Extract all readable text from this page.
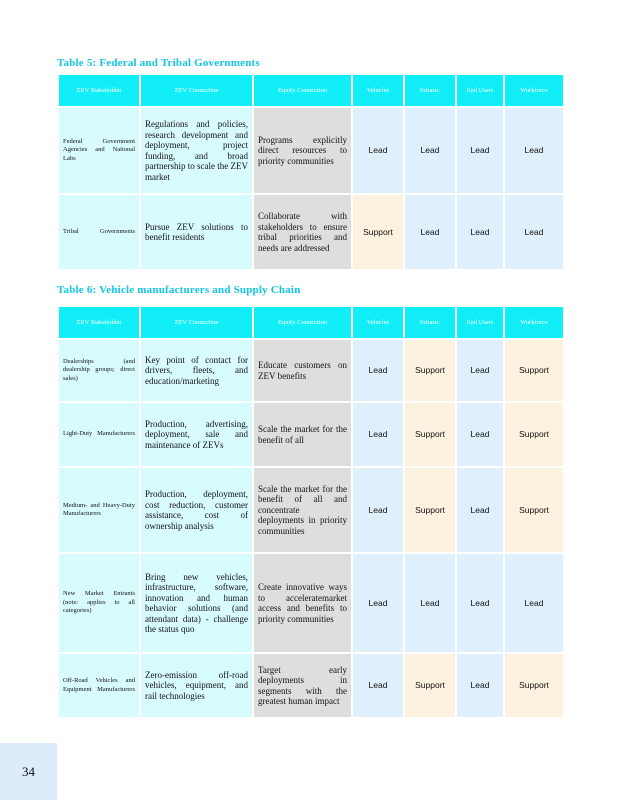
Table 5: Federal and Tribal Governments
ZEV Stakeholder	ZEV Connection	Equity Connection	Vehicles	Infrastr.	End Users	Workforce
Federal Government Agencies and National Labs	Regulations and policies, research development and deployment, project funding, and broad partnership to scale the ZEV market	Programs explicitly direct resources to priority communities	Lead	Lead	Lead	Lead
Tribal Governments	Pursue ZEV solutions to benefit residents	Collaborate with stakeholders to ensure tribal priorities and needs are addressed	Support	Lead	Lead	Lead
Table 6: Vehicle manufacturers and Supply Chain
ZEV Stakeholder	ZEV Connection	Equity Connection	Vehicles	Infrastr.	End Users	Workforce
Dealerships (and dealership groups; direct sales)	Key point of contact for drivers, fleets, and education/marketing	Educate customers on ZEV benefits	Lead	Support	Lead	Support
Light-Duty Manufacturers	Production, advertising, deployment, sale and maintenance of ZEVs	Scale the market for the benefit of all	Lead	Support	Lead	Support
Medium- and Heavy-Duty Manufacturers	Production, deployment, cost reduction, customer assistance, cost of ownership analysis	Scale the market for the benefit of all and concentrate deployments in priority communities	Lead	Support	Lead	Support
New Market Entrants (note: applies to all categories)	Bring new vehicles, infrastructure, software, innovation and human behavior solutions (and attendant data) - challenge the status quo	Create innovative ways to acceleratemarket access and benefits to priority communities	Lead	Lead	Lead	Lead
Off-Road Vehicles and Equipment Manufacturers	Zero-emission off-road vehicles, equipment, and rail technologies	Target early deployments in segments with the greatest human impact	Lead	Support	Lead	Support
34
